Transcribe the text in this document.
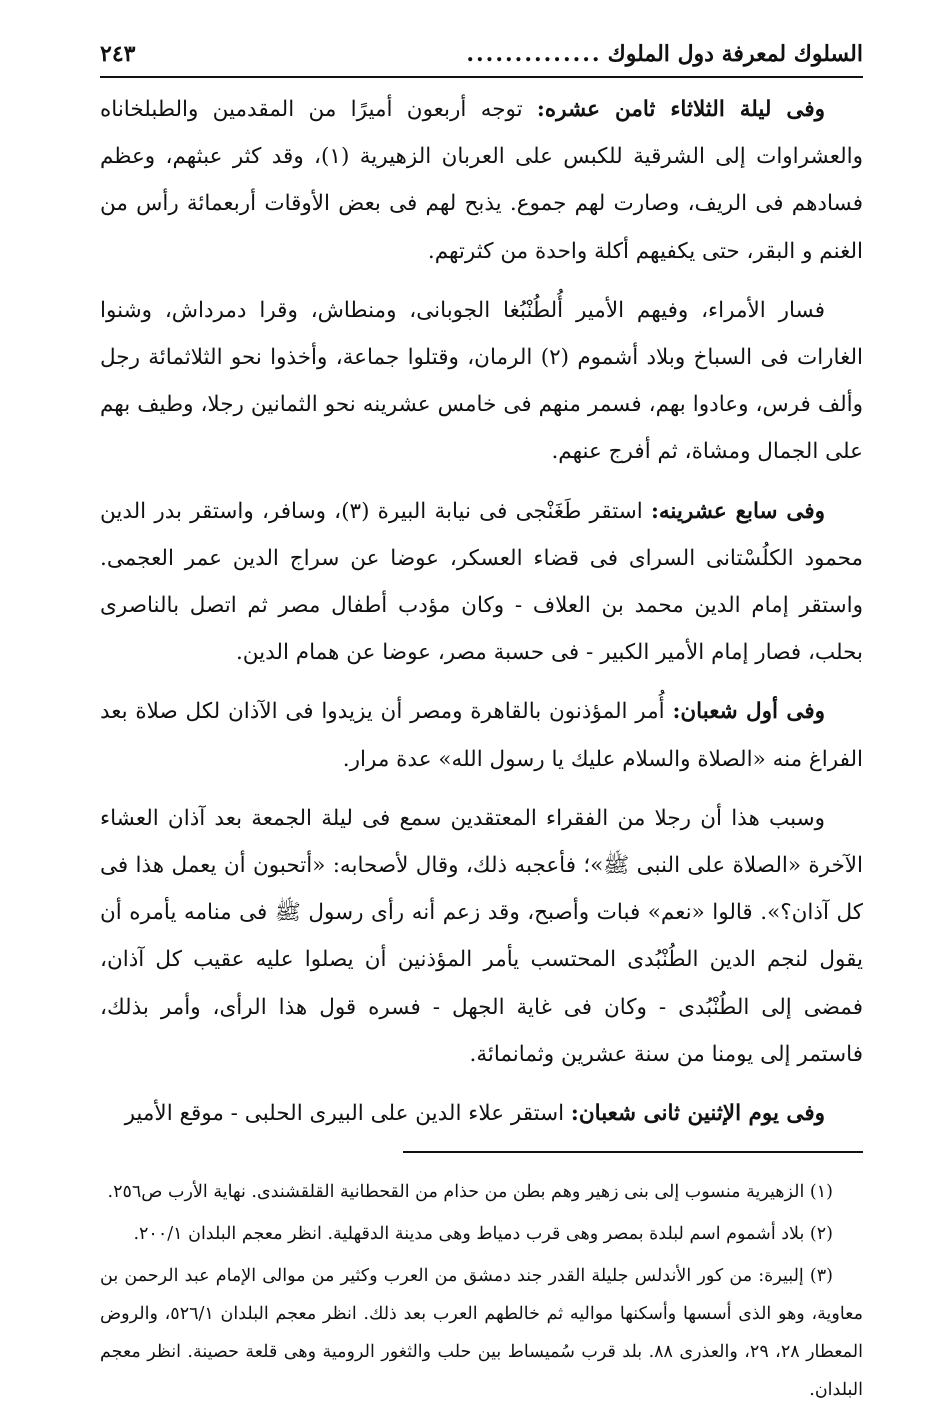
السلوك لمعرفة دول الملوك
..............
٢٤٣

وفى ليلة الثلاثاء ثامن عشره: توجه أربعون أميرًا من المقدمين والطبلخاناه والعشراوات إلى الشرقية للكبس على العربان الزهيرية (١)، وقد كثر عبثهم، وعظم فسادهم فى الريف، وصارت لهم جموع. يذبح لهم فى بعض الأوقات أربعمائة رأس من الغنم و البقر، حتى يكفيهم أكلة واحدة من كثرتهم.

فسار الأمراء، وفيهم الأمير أُلطُنْبُغا الجوبانى، ومنطاش، وقرا دمرداش، وشنوا الغارات فى السباخ وبلاد أشموم (٢) الرمان، وقتلوا جماعة، وأخذوا نحو الثلاثمائة رجل وألف فرس، وعادوا بهم، فسمر منهم فى خامس عشرينه نحو الثمانين رجلا، وطيف بهم على الجمال ومشاة، ثم أفرج عنهم.

وفى سابع عشرينه: استقر طَغَنْجى فى نيابة البيرة (٣)، وسافر، واستقر بدر الدين محمود الكلُسْتانى السراى فى قضاء العسكر، عوضا عن سراج الدين عمر العجمى. واستقر إمام الدين محمد بن العلاف - وكان مؤدب أطفال مصر ثم اتصل بالناصرى بحلب، فصار إمام الأمير الكبير - فى حسبة مصر، عوضا عن همام الدين.

وفى أول شعبان: أُمر المؤذنون بالقاهرة ومصر أن يزيدوا فى الآذان لكل صلاة بعد الفراغ منه «الصلاة والسلام عليك يا رسول الله» عدة مرار.

وسبب هذا أن رجلا من الفقراء المعتقدين سمع فى ليلة الجمعة بعد آذان العشاء الآخرة «الصلاة على النبى ﷺ»؛ فأعجبه ذلك، وقال لأصحابه: «أتحبون أن يعمل هذا فى كل آذان؟». قالوا «نعم» فبات وأصبح، وقد زعم أنه رأى رسول ﷺ فى منامه يأمره أن يقول لنجم الدين الطُنْبُدى المحتسب يأمر المؤذنين أن يصلوا عليه عقيب كل آذان، فمضى إلى الطُنْبُدى - وكان فى غاية الجهل - فسره قول هذا الرأى، وأمر بذلك، فاستمر إلى يومنا من سنة عشرين وثمانمائة.

وفى يوم الإثنين ثانى شعبان: استقر علاء الدين على البيرى الحلبى - موقع الأمير

(١) الزهيرية منسوب إلى بنى زهير وهم بطن من حذام من القحطانية القلقشندى. نهاية الأرب ص٢٥٦.

(٢) بلاد أشموم اسم لبلدة بمصر وهى قرب دمياط وهى مدينة الدقهلية. انظر معجم البلدان ٢٠٠/١.

(٣) إلبيرة: من كور الأندلس جليلة القدر جند دمشق من العرب وكثير من موالى الإمام عبد الرحمن بن معاوية، وهو الذى أسسها وأسكنها مواليه ثم خالطهم العرب بعد ذلك. انظر معجم البلدان ٥٢٦/١، والروض المعطار ٢٨، ٢٩، والعذرى ٨٨. بلد قرب سُميساط بين حلب والثغور الرومية وهى قلعة حصينة. انظر معجم البلدان.
